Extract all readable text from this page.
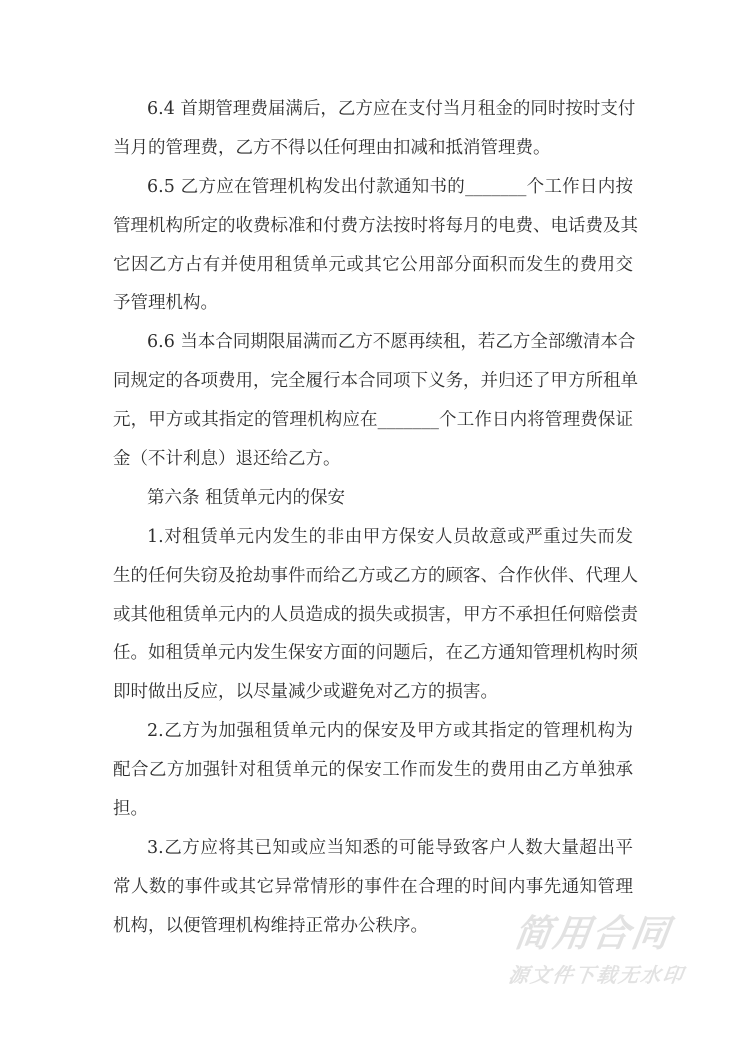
6.4 首期管理费届满后，乙方应在支付当月租金的同时按时支付
当月的管理费，乙方不得以任何理由扣减和抵消管理费。
6.5 乙方应在管理机构发出付款通知书的_______个工作日内按
管理机构所定的收费标准和付费方法按时将每月的电费、电话费及其
它因乙方占有并使用租赁单元或其它公用部分面积而发生的费用交
予管理机构。
6.6 当本合同期限届满而乙方不愿再续租，若乙方全部缴清本合
同规定的各项费用，完全履行本合同项下义务，并归还了甲方所租单
元，甲方或其指定的管理机构应在_______个工作日内将管理费保证
金（不计利息）退还给乙方。
第六条 租赁单元内的保安
1.对租赁单元内发生的非由甲方保安人员故意或严重过失而发
生的任何失窃及抢劫事件而给乙方或乙方的顾客、合作伙伴、代理人
或其他租赁单元内的人员造成的损失或损害，甲方不承担任何赔偿责
任。如租赁单元内发生保安方面的问题后，在乙方通知管理机构时须
即时做出反应，以尽量减少或避免对乙方的损害。
2.乙方为加强租赁单元内的保安及甲方或其指定的管理机构为
配合乙方加强针对租赁单元的保安工作而发生的费用由乙方单独承
担。
3.乙方应将其已知或应当知悉的可能导致客户人数大量超出平
常人数的事件或其它异常情形的事件在合理的时间内事先通知管理
机构，以便管理机构维持正常办公秩序。	简用合同
源文件下载无水印
